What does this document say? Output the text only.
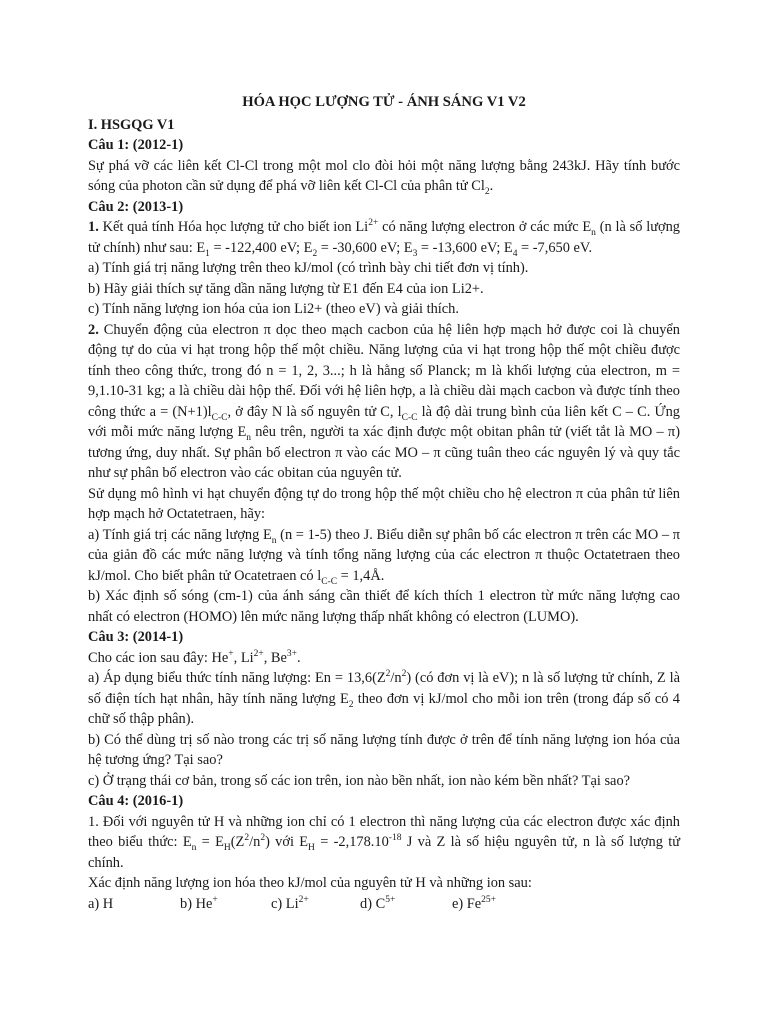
HÓA HỌC LƯỢNG TỬ - ÁNH SÁNG V1 V2

I. HSGQG V1

Câu 1: (2012-1)

Sự phá vỡ các liên kết Cl-Cl trong một mol clo đòi hỏi một năng lượng bằng 243kJ. Hãy tính bước sóng của photon cần sử dụng để phá vỡ liên kết Cl-Cl của phân tử $Cl_2$.

Câu 2: (2013-1)

1. Kết quả tính Hóa học lượng tử cho biết ion $Li^{2+}$ có năng lượng electron ở các mức $E_n$ (n là số lượng tử chính) như sau: $E_1 = -122,400$ eV; $E_2 = -30,600$ eV; $E_3 = -13,600$ eV; $E_4 = -7,650$ eV.

a) Tính giá trị năng lượng trên theo kJ/mol (có trình bày chi tiết đơn vị tính).

b) Hãy giải thích sự tăng dần năng lượng từ E1 đến E4 của ion Li2+.

c) Tính năng lượng ion hóa của ion Li2+ (theo eV) và giải thích.

2. Chuyển động của electron π dọc theo mạch cacbon của hệ liên hợp mạch hở được coi là chuyển động tự do của vi hạt trong hộp thế một chiều. Năng lượng của vi hạt trong hộp thế một chiều được tính theo công thức, trong đó n = 1, 2, 3...; h là hằng số Planck; m là khối lượng của electron, m = 9,1.10-31 kg; a là chiều dài hộp thế. Đối với hệ liên hợp, a là chiều dài mạch cacbon và được tính theo công thức $a = (N+1)l_{C-C}$, ở đây N là số nguyên tử C, $l_{C-C}$ là độ dài trung bình của liên kết C – C. Ứng với mỗi mức năng lượng $E_n$ nêu trên, người ta xác định được một obitan phân tử (viết tắt là MO – π) tương ứng, duy nhất. Sự phân bố electron π vào các MO – π cũng tuân theo các nguyên lý và quy tắc như sự phân bố electron vào các obitan của nguyên tử.

Sử dụng mô hình vi hạt chuyển động tự do trong hộp thế một chiều cho hệ electron π của phân tử liên hợp mạch hở Octatetraen, hãy:

a) Tính giá trị các năng lượng $E_n$ (n = 1-5) theo J. Biểu diễn sự phân bố các electron π trên các MO – π của giản đồ các mức năng lượng và tính tổng năng lượng của các electron π thuộc Octatetraen theo kJ/mol. Cho biết phân tử Ocatetraen có $l_{C-C}$ = 1,4Å.

b) Xác định số sóng (cm-1) của ánh sáng cần thiết để kích thích 1 electron từ mức năng lượng cao nhất có electron (HOMO) lên mức năng lượng thấp nhất không có electron (LUMO).

Câu 3: (2014-1)

Cho các ion sau đây: He+, $Li^{2+}$, $Be^{3+}$.

a) Áp dụng biểu thức tính năng lượng: $En = 13,6(Z^2/n^2)$ (có đơn vị là eV); n là số lượng tử chính, Z là số điện tích hạt nhân, hãy tính năng lượng $E_2$ theo đơn vị kJ/mol cho mỗi ion trên (trong đáp số có 4 chữ số thập phân).

b) Có thể dùng trị số nào trong các trị số năng lượng tính được ở trên để tính năng lượng ion hóa của hệ tương ứng? Tại sao?

c) Ở trạng thái cơ bản, trong số các ion trên, ion nào bền nhất, ion nào kém bền nhất? Tại sao?

Câu 4: (2016-1)

1. Đối với nguyên tử H và những ion chỉ có 1 electron thì năng lượng của các electron được xác định theo biểu thức: $E_n = E_H(Z^2/n^2)$ với $E_H = -2,178.10^{-18}$ J và Z là số hiệu nguyên tử, n là số lượng tử chính.

Xác định năng lượng ion hóa theo kJ/mol của nguyên tử H và những ion sau:

a) H	b) He+	c) $Li^{2+}$	d) $C^{5+}$	e) $Fe^{25+}$
